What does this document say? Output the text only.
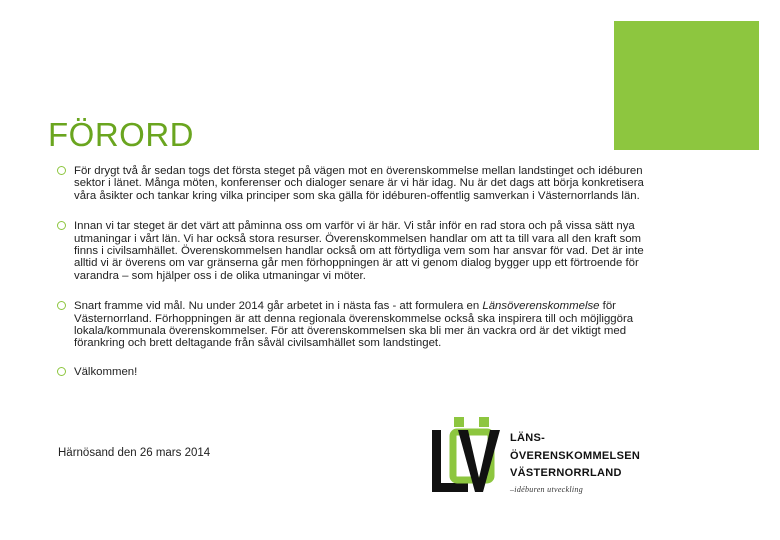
FÖRORD
För drygt två år sedan togs det första steget på vägen mot en överenskommelse mellan landstinget och idéburen sektor i länet. Många möten, konferenser och dialoger senare är vi här idag. Nu är det dags att börja konkretisera våra åsikter och tankar kring vilka principer som ska gälla för idéburen-offentlig samverkan i Västernorrlands län.
Innan vi tar steget är det värt att påminna oss om varför vi är här. Vi står inför en rad stora och på vissa sätt nya utmaningar i vårt län. Vi har också stora resurser. Överenskommelsen handlar om att ta till vara all den kraft som finns i civilsamhället. Överenskommelsen handlar också om att förtydliga vem som har ansvar för vad. Det är inte alltid vi är överens om var gränserna går men förhoppningen är att vi genom dialog bygger upp ett förtroende för varandra – som hjälper oss i de olika utmaningar vi möter.
Snart framme vid mål. Nu under 2014 går arbetet in i nästa fas - att formulera en Länsöverenskommelse för Västernorrland. Förhoppningen är att denna regionala överenskommelse också ska inspirera till och möjliggöra lokala/kommunala överenskommelser. För att överenskommelsen ska bli mer än vackra ord är det viktigt med förankring och brett deltagande från såväl civilsamhället som landstinget.
Välkommen!
Härnösand den 26 mars 2014
LÄNS-
ÖVERENSKOMMELSEN
VÄSTERNORRLAND
–idéburen utveckling
